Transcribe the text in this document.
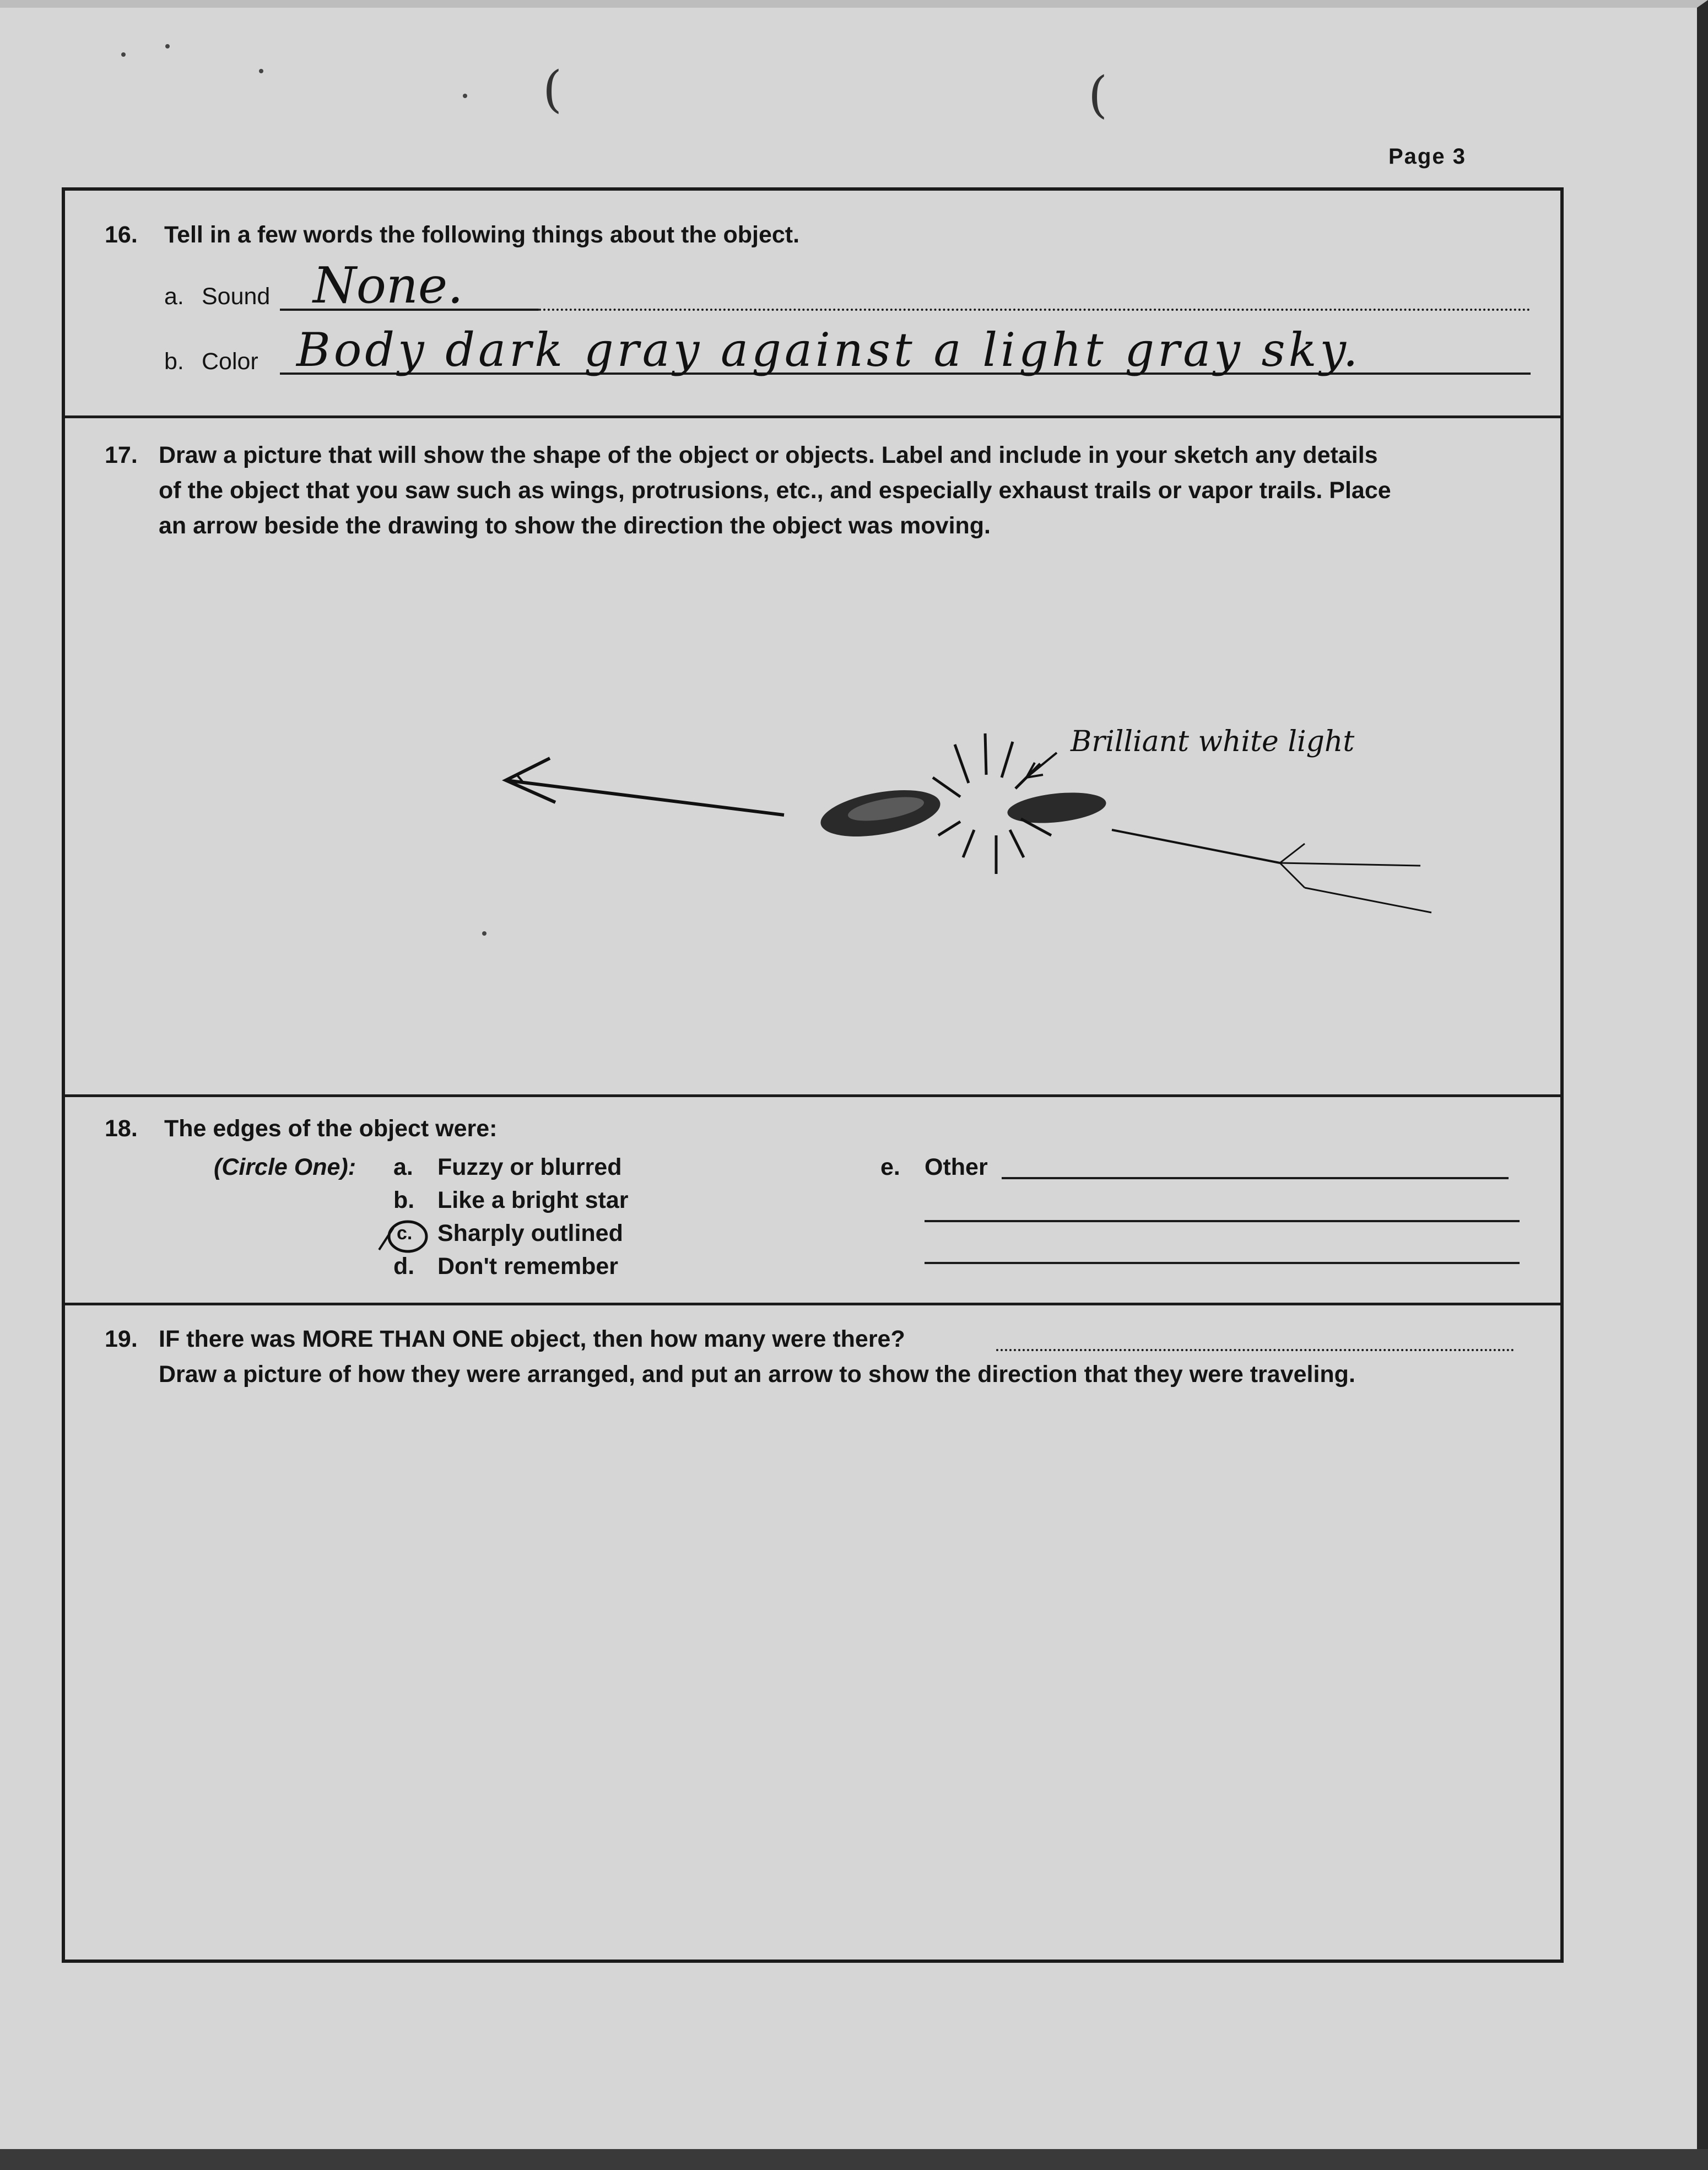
(	(
Page 3
16. Tell in a few words the following things about the object.
a. Sound None.
b. Color Body dark gray against a light gray sky.
17. Draw a picture that will show the shape of the object or objects. Label and include in your sketch any details
of the object that you saw such as wings, protrusions, etc., and especially exhaust trails or vapor trails. Place
an arrow beside the drawing to show the direction the object was moving.
Brilliant white light
18. The edges of the object were:
(Circle One): a. Fuzzy or blurred
b. Like a bright star
c. Sharply outlined
d. Don't remember
e. Other
19. IF there was MORE THAN ONE object, then how many were there?
Draw a picture of how they were arranged, and put an arrow to show the direction that they were traveling.
